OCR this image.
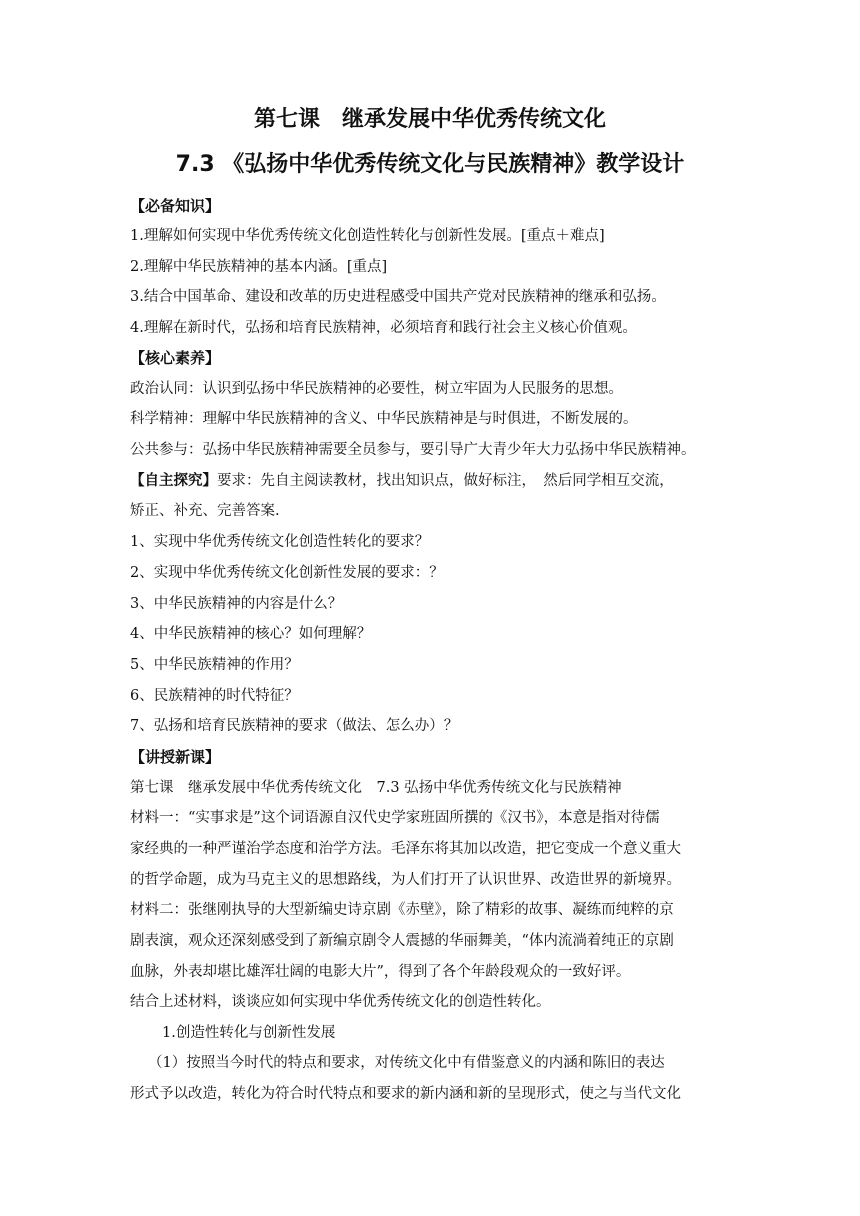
第七课　继承发展中华优秀传统文化
7.3 《弘扬中华优秀传统文化与民族精神》教学设计
【必备知识】
1.理解如何实现中华优秀传统文化创造性转化与创新性发展。[重点＋难点]
2.理解中华民族精神的基本内涵。[重点]
3.结合中国革命、建设和改革的历史进程感受中国共产党对民族精神的继承和弘扬。
4.理解在新时代，弘扬和培育民族精神，必须培育和践行社会主义核心价值观。
【核心素养】
政治认同：认识到弘扬中华民族精神的必要性，树立牢固为人民服务的思想。
科学精神：理解中华民族精神的含义、中华民族精神是与时俱进，不断发展的。
公共参与：弘扬中华民族精神需要全员参与，要引导广大青少年大力弘扬中华民族精神。
【自主探究】要求：先自主阅读教材，找出知识点，做好标注，　然后同学相互交流，
矫正、补充、完善答案.
1、实现中华优秀传统文化创造性转化的要求？
2、实现中华优秀传统文化创新性发展的要求：？
3、中华民族精神的内容是什么？
4、中华民族精神的核心？如何理解？
5、中华民族精神的作用？
6、民族精神的时代特征？
7、弘扬和培育民族精神的要求（做法、怎么办）？
【讲授新课】
第七课　继承发展中华优秀传统文化　7.3 弘扬中华优秀传统文化与民族精神
材料一：“实事求是”这个词语源自汉代史学家班固所撰的《汉书》，本意是指对待儒
家经典的一种严谨治学态度和治学方法。毛泽东将其加以改造，把它变成一个意义重大
的哲学命题，成为马克主义的思想路线，为人们打开了认识世界、改造世界的新境界。
材料二：张继刚执导的大型新编史诗京剧《赤壁》，除了精彩的故事、凝练而纯粹的京
剧表演，观众还深刻感受到了新编京剧令人震撼的华丽舞美，“体内流淌着纯正的京剧
血脉，外表却堪比雄浑壮阔的电影大片”，得到了各个年龄段观众的一致好评。
结合上述材料，谈谈应如何实现中华优秀传统文化的创造性转化。
1.创造性转化与创新性发展
（1）按照当今时代的特点和要求，对传统文化中有借鉴意义的内涵和陈旧的表达
形式予以改造，转化为符合时代特点和要求的新内涵和新的呈现形式，使之与当代文化
